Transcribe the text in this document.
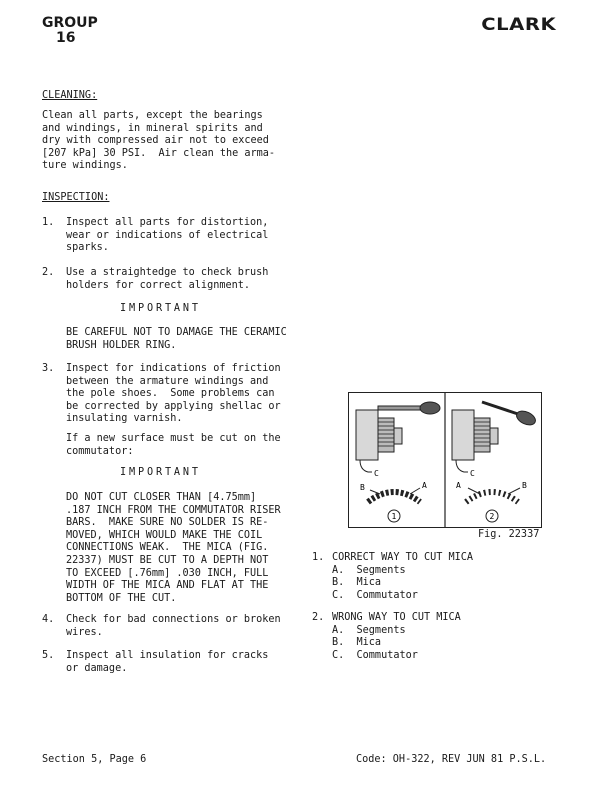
GROUP
16
CLARK
CLEANING:
Clean all parts, except the bearings
and windings, in mineral spirits and
dry with compressed air not to exceed
[207 kPa] 30 PSI.  Air clean the arma-
ture windings.
INSPECTION:

1.

Inspect all parts for distortion,
wear or indications of electrical
sparks.

2.

Use a straightedge to check brush
holders for correct alignment.

IMPORTANT
BE CAREFUL NOT TO DAMAGE THE CERAMIC
BRUSH HOLDER RING.

3.

Inspect for indications of friction
between the armature windings and
the pole shoes.  Some problems can
be corrected by applying shellac or
insulating varnish.

If a new surface must be cut on the
commutator:
IMPORTANT
DO NOT CUT CLOSER THAN [4.75mm]
.187 INCH FROM THE COMMUTATOR RISER
BARS.  MAKE SURE NO SOLDER IS RE-
MOVED, WHICH WOULD MAKE THE COIL
CONNECTIONS WEAK.  THE MICA (FIG.
22337) MUST BE CUT TO A DEPTH NOT
TO EXCEED [.76mm] .030 INCH, FULL
WIDTH OF THE MICA AND FLAT AT THE
BOTTOM OF THE CUT.

4.

Check for bad connections or broken
wires.

5.

Inspect all insulation for cracks
or damage.

C
B	A
1
C
A	B
2
Fig. 22337

1.

CORRECT WAY TO CUT MICA

A.  Segments

B.  Mica

C.  Commutator

2.

WRONG WAY TO CUT MICA

A.  Segments

B.  Mica

C.  Commutator

Section 5, Page 6	Code: OH-322, REV JUN 81 P.S.L.
